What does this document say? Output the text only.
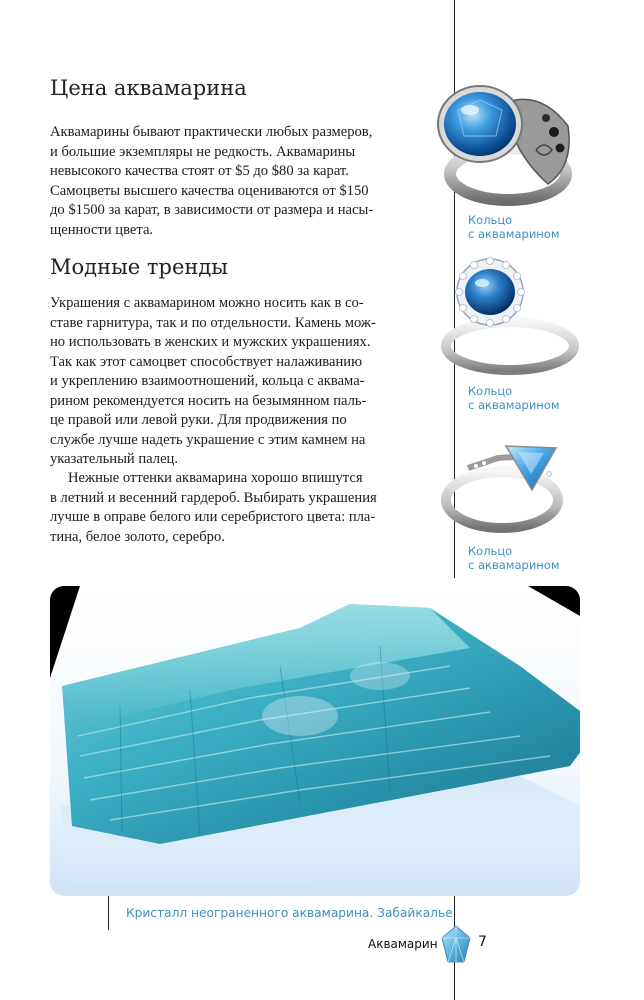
Цена аквамарина
Аквамарины бывают практически любых размеров,
и большие экземпляры не редкость. Аквамарины
невысокого качества стоят от $5 до $80 за карат.
Самоцветы высшего качества оцениваются от $150
до $1500 за карат, в зависимости от размера и насы-
щенности цвета.
Модные тренды
Украшения с аквамарином можно носить как в со-
ставе гарнитура, так и по отдельности. Камень мож-
но использовать в женских и мужских украшениях.
Так как этот самоцвет способствует налаживанию
и укреплению взаимоотношений, кольца с аквама-
рином рекомендуется носить на безымянном паль-
це правой или левой руки. Для продвижения по
службе лучше надеть украшение с этим камнем на
указательный палец.
Нежные оттенки аквамарина хорошо впишутся
в летний и весенний гардероб. Выбирать украшения
лучше в оправе белого или серебристого цвета: пла-
тина, белое золото, серебро.
Кольцо
с аквамарином
Кольцо
с аквамарином
Кольцо
с аквамарином
Кристалл неограненного аквамарина. Забайкалье
Аквамарин	7
